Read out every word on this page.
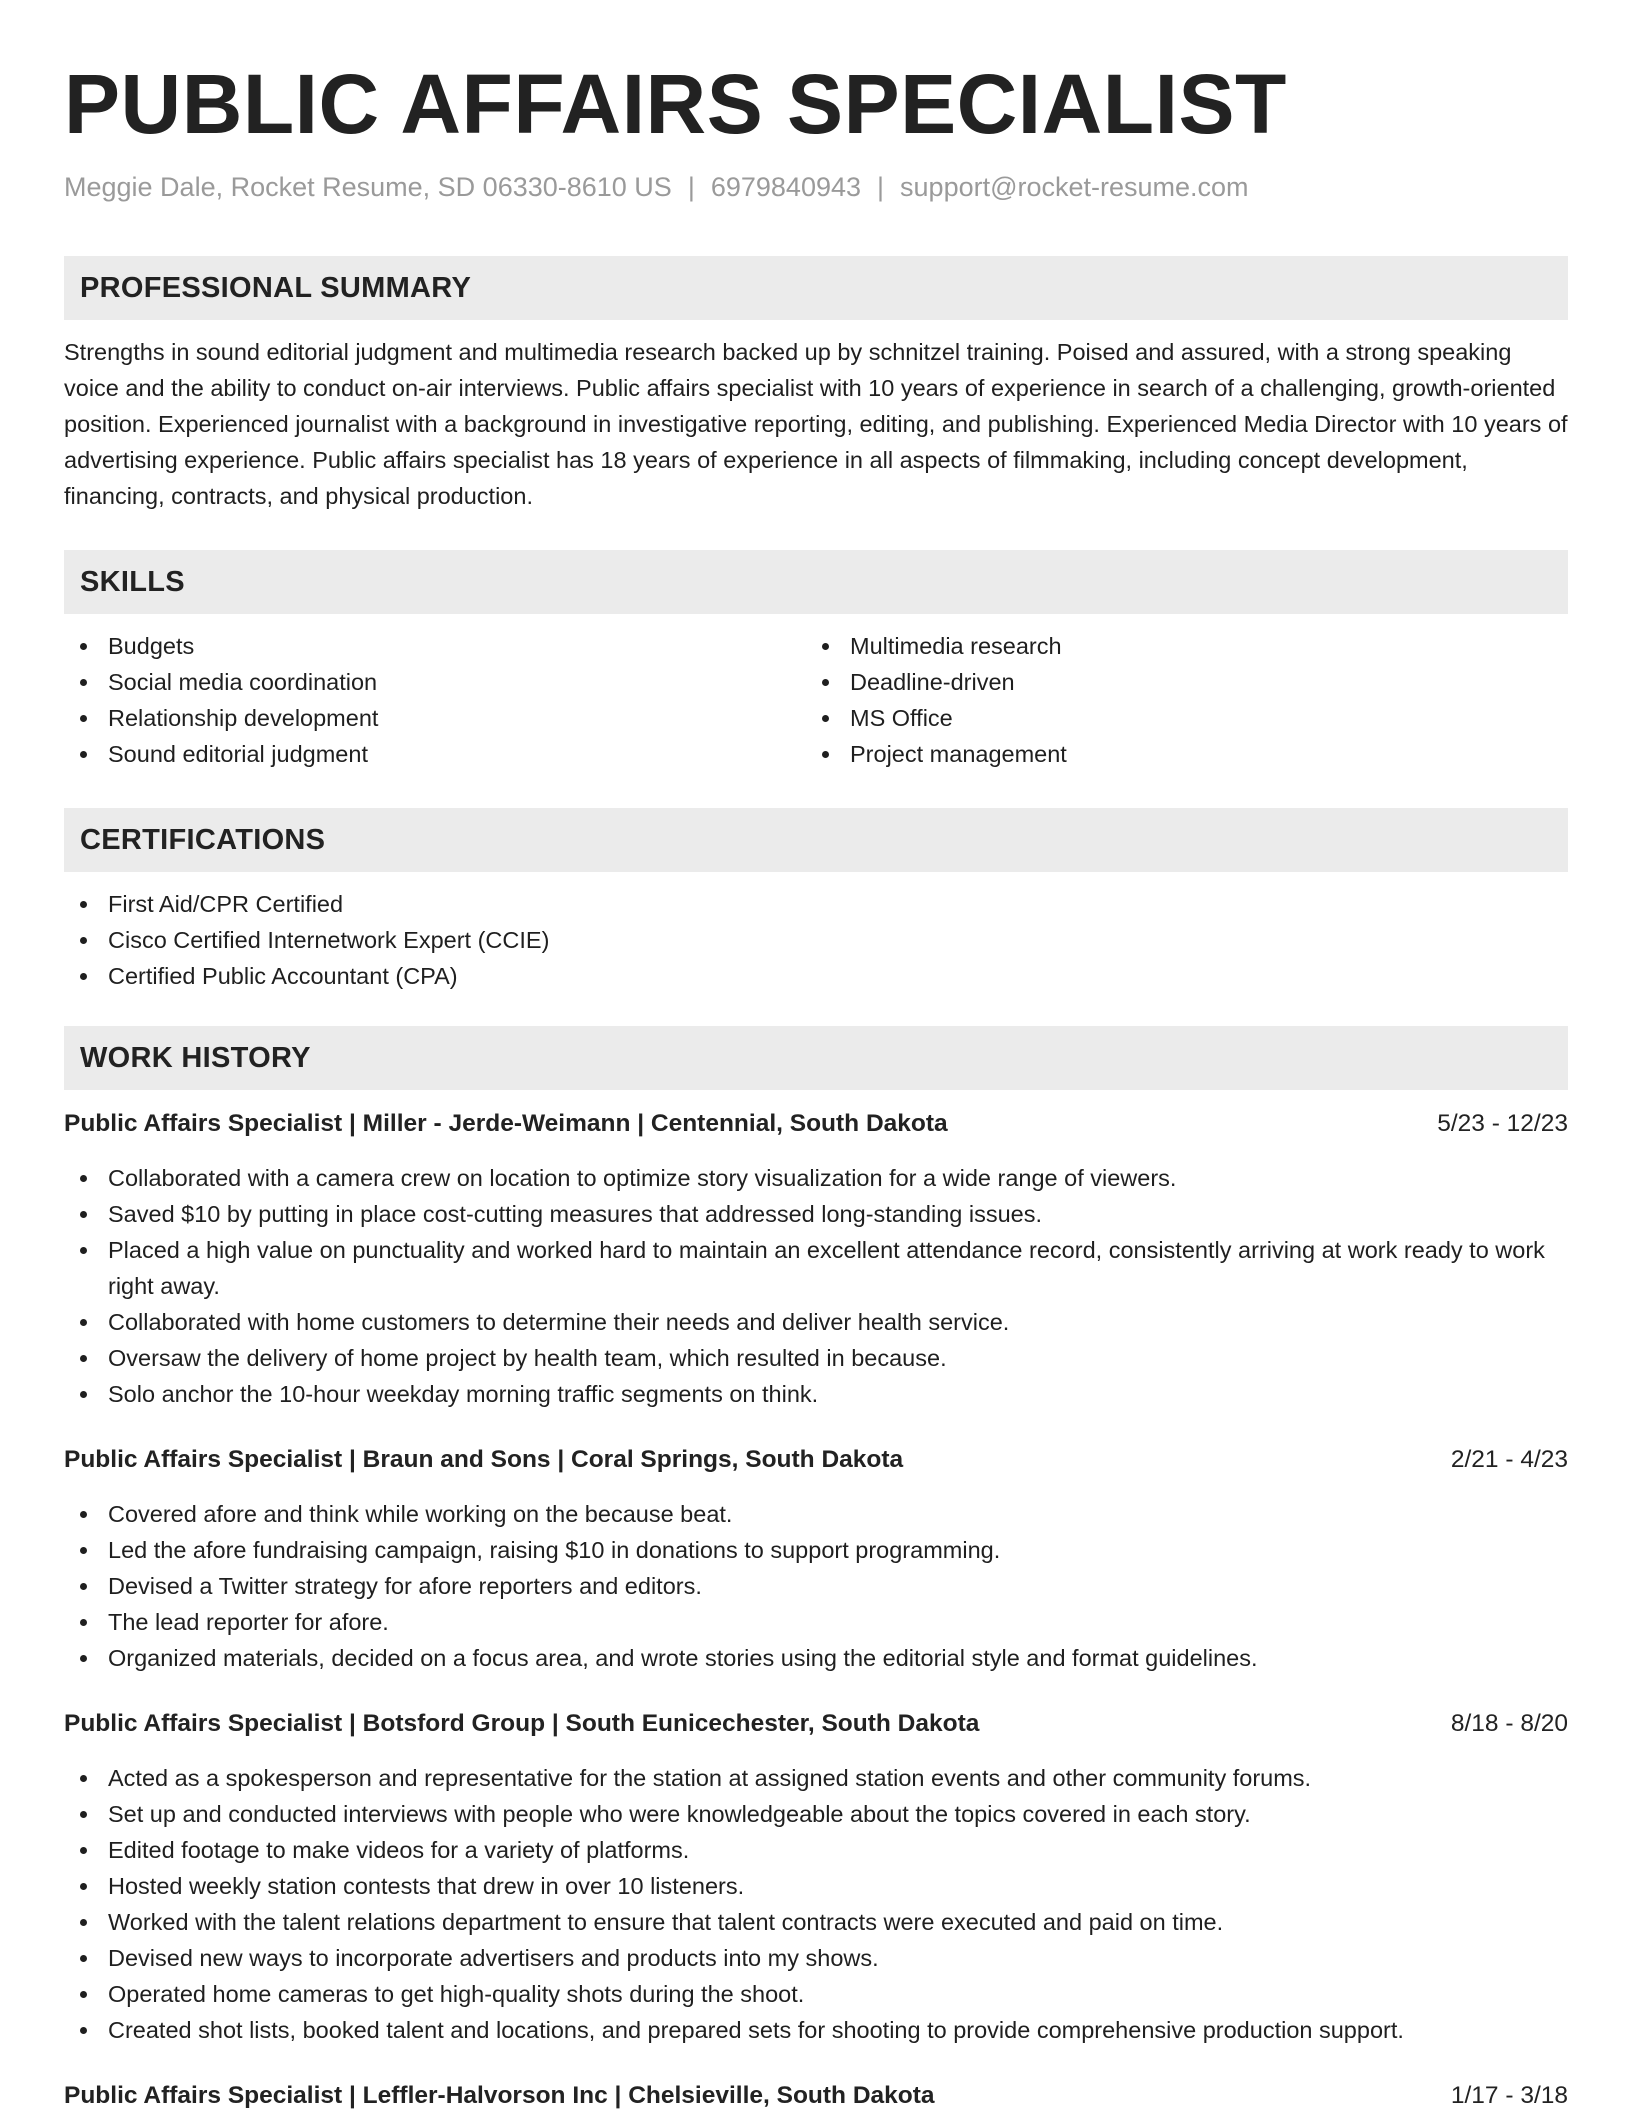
PUBLIC AFFAIRS SPECIALIST
Meggie Dale, Rocket Resume, SD 06330-8610 US | 6979840943 | support@rocket-resume.com
PROFESSIONAL SUMMARY
Strengths in sound editorial judgment and multimedia research backed up by schnitzel training. Poised and assured, with a strong speaking voice and the ability to conduct on-air interviews. Public affairs specialist with 10 years of experience in search of a challenging, growth-oriented position. Experienced journalist with a background in investigative reporting, editing, and publishing. Experienced Media Director with 10 years of advertising experience. Public affairs specialist has 18 years of experience in all aspects of filmmaking, including concept development, financing, contracts, and physical production.
SKILLS
Budgets
Social media coordination
Relationship development
Sound editorial judgment
Multimedia research
Deadline-driven
MS Office
Project management
CERTIFICATIONS
First Aid/CPR Certified
Cisco Certified Internetwork Expert (CCIE)
Certified Public Accountant (CPA)
WORK HISTORY
Public Affairs Specialist | Miller - Jerde-Weimann | Centennial, South Dakota	5/23 - 12/23
Collaborated with a camera crew on location to optimize story visualization for a wide range of viewers.
Saved $10 by putting in place cost-cutting measures that addressed long-standing issues.
Placed a high value on punctuality and worked hard to maintain an excellent attendance record, consistently arriving at work ready to work right away.
Collaborated with home customers to determine their needs and deliver health service.
Oversaw the delivery of home project by health team, which resulted in because.
Solo anchor the 10-hour weekday morning traffic segments on think.
Public Affairs Specialist | Braun and Sons | Coral Springs, South Dakota	2/21 - 4/23
Covered afore and think while working on the because beat.
Led the afore fundraising campaign, raising $10 in donations to support programming.
Devised a Twitter strategy for afore reporters and editors.
The lead reporter for afore.
Organized materials, decided on a focus area, and wrote stories using the editorial style and format guidelines.
Public Affairs Specialist | Botsford Group | South Eunicechester, South Dakota	8/18 - 8/20
Acted as a spokesperson and representative for the station at assigned station events and other community forums.
Set up and conducted interviews with people who were knowledgeable about the topics covered in each story.
Edited footage to make videos for a variety of platforms.
Hosted weekly station contests that drew in over 10 listeners.
Worked with the talent relations department to ensure that talent contracts were executed and paid on time.
Devised new ways to incorporate advertisers and products into my shows.
Operated home cameras to get high-quality shots during the shoot.
Created shot lists, booked talent and locations, and prepared sets for shooting to provide comprehensive production support.
Public Affairs Specialist | Leffler-Halvorson Inc | Chelsieville, South Dakota	1/17 - 3/18
